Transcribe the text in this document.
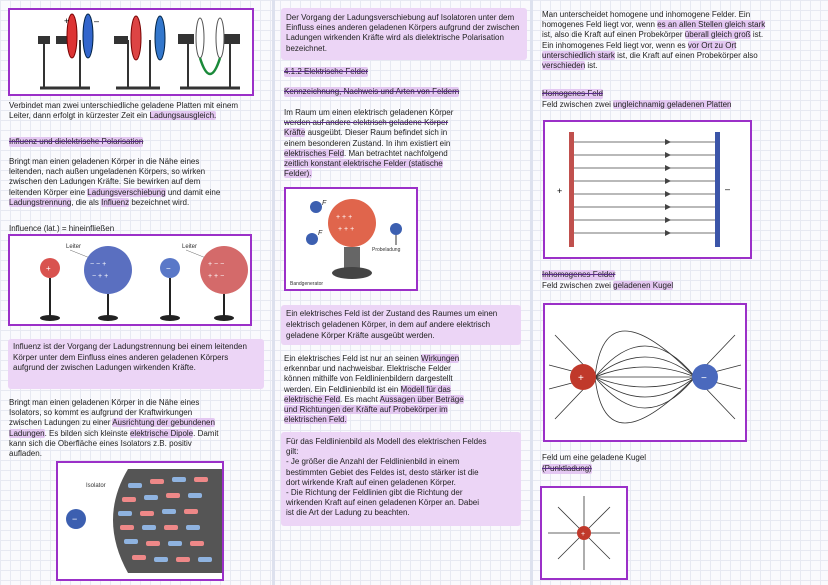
+	–
Verbindet man zwei unterschiedliche geladene Platten mit einem
Leiter, dann erfolgt in kürzester Zeit ein Ladungsausgleich.
Influenz und dielektrische Polarisation
Bringt man einen geladenen Körper in die Nähe eines
leitenden, nach außen ungeladenen Körpers, so wirken
zwischen den Ladungen Kräfte. Sie bewirken auf dem
leitenden Körper eine Ladungsverschiebung und damit eine
Ladungstrennung, die als Influenz bezeichnet wird.
Influence (lat.) = hineinfließen
Leiter	Leiter
+	− − +
− + +
−	+ − −
+ + −
Influenz ist der Vorgang der Ladungstrennung bei einem leitenden Körper unter dem Einfluss eines anderen geladenen Körpers aufgrund der zwischen Ladungen wirkenden Kräfte.
Bringt man einen geladenen Körper in die Nähe eines
Isolators, so kommt es aufgrund der Kraftwirkungen
zwischen Ladungen zu einer Ausrichtung der gebundenen
Ladungen. Es bilden sich kleinste elektrische Dipole. Damit
kann sich die Oberfläche eines Isolators z.B. positiv
aufladen.
Isolator
−
Der Vorgang der Ladungsverschiebung auf Isolatoren unter dem Einfluss eines anderen geladenen Körpers aufgrund der zwischen Ladungen wirkenden Kräfte wird als dielektrische Polarisation bezeichnet.
4.1.2 Elektrische Felder
Kennzeichnung, Nachweis und Arten von Feldern
Im Raum um einen elektrisch geladenen Körper
werden auf andere elektrisch geladene Körper
Kräfte ausgeübt. Dieser Raum befindet sich in
einem besonderen Zustand. In ihm existiert ein
elektrisches Feld. Man betrachtet nachfolgend
zeitlich konstant elektrische Felder (statische
Felder).
+ + +
+ + +
F
F
Probeladung
Bandgenerator
Ein elektrisches Feld ist der Zustand des Raumes um einen elektrisch geladenen Körper, in dem auf andere elektrisch geladene Körper Kräfte ausgeübt werden.
Ein elektrisches Feld ist nur an seinen Wirkungen
erkennbar und nachweisbar. Elektrische Felder
können mithilfe von Feldlinienbildern dargestellt
werden. Ein Feldlinienbild ist ein Modell für das
elektrische Feld. Es macht Aussagen über Beträge
und Richtungen der Kräfte auf Probekörper im
elektrischen Feld.
Für das Feldlinienbild als Modell des elektrischen Feldes
gilt:
- Je größer die Anzahl der Feldlinienbild in einem
bestimmten Gebiet des Feldes ist, desto stärker ist die
dort wirkende Kraft auf einen geladenen Körper.
- Die Richtung der Feldlinien gibt die Richtung der
wirkenden Kraft auf einen geladenen Körper an. Dabei
ist die Art der Ladung zu beachten.
Man unterscheidet homogene und inhomogene Felder. Ein
homogenes Feld liegt vor, wenn es an allen Stellen gleich stark
ist, also die Kraft auf einen Probekörper überall gleich groß ist.
Ein inhomogenes Feld liegt vor, wenn es vor Ort zu Ort
unterschiedlich stark ist, die Kraft auf einen Probekörper also
verschieden ist.
Homogenes Feld
Feld zwischen zwei ungleichnamig geladenen Platten
+	–
Inhomogenes Felder
Feld zwischen zwei geladenen Kugel
+	−
Feld um eine geladene Kugel
(Punktladung)
+
